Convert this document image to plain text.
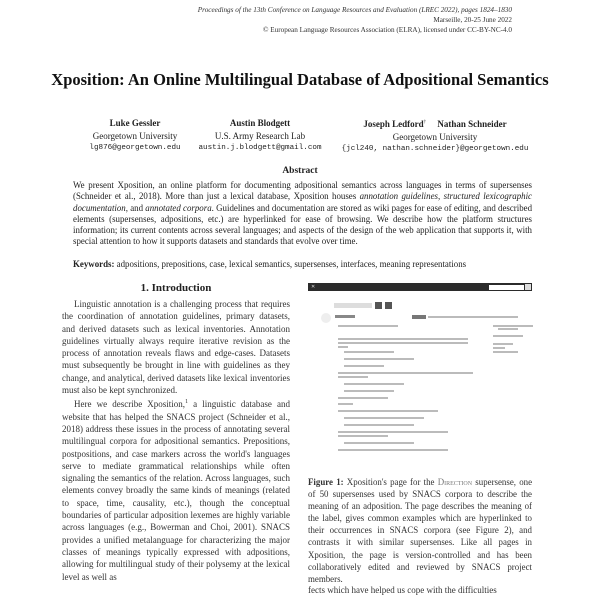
Proceedings of the 13th Conference on Language Resources and Evaluation (LREC 2022), pages 1824–1830
Marseille, 20-25 June 2022
© European Language Resources Association (ELRA), licensed under CC-BY-NC-4.0
Xposition: An Online Multilingual Database of Adpositional Semantics
Luke Gessler
Georgetown University
lg876@georgetown.edu
Austin Blodgett
U.S. Army Research Lab
austin.j.blodgett@gmail.com
Joseph Ledford† Nathan Schneider
Georgetown University
{jcl240, nathan.schneider}@georgetown.edu
Abstract
We present Xposition, an online platform for documenting adpositional semantics across languages in terms of supersenses (Schneider et al., 2018). More than just a lexical database, Xposition houses annotation guidelines, structured lexicographic documentation, and annotated corpora. Guidelines and documentation are stored as wiki pages for ease of editing, and described elements (supersenses, adpositions, etc.) are hyperlinked for ease of browsing. We describe how the platform structures information; its current contents across several languages; and aspects of the design of the web application that supports it, with special attention to how it supports datasets and standards that evolve over time.
Keywords: adpositions, prepositions, case, lexical semantics, supersenses, interfaces, meaning representations
1. Introduction

Linguistic annotation is a challenging process that requires the coordination of annotation guidelines, primary datasets, and derived datasets such as lexical inventories. Annotation guidelines virtually always require iterative revision as the process of annotation reveals flaws and edge-cases. Datasets must subsequently be brought in line with guidelines as they change, and analytical, derived datasets like lexical inventories must also be kept synchronized.

Here we describe Xposition,$^1$ a linguistic database and website that has helped the SNACS project (Schneider et al., 2018) address these issues in the process of annotating several multilingual corpora for adpositional semantics. Prepositions, postpositions, and case markers across the world's languages serve to mediate grammatical relationships while often signaling the semantics of the relation. Across languages, such elements convey broadly the same kinds of meanings (related to space, time, causality, etc.), though the conceptual boundaries of particular adposition lexemes are highly variable across languages (e.g., Bowerman and Choi, 2001). SNACS provides a unified metalanguage for characterizing the major classes of meanings typically expressed with adpositions, allowing for multilingual study of their polysemy at the lexical level as well as

✕
Figure 1: Xposition's page for the Direction supersense, one of 50 supersenses used by SNACS corpora to describe the meaning of an adposition. The page describes the meaning of the label, gives common examples which are hyperlinked to their occurrences in SNACS corpora (see Figure 2), and contrasts it with similar supersenses. Like all pages in Xposition, the page is version-controlled and has been collaboratively edited and reviewed by SNACS project members.
fects which have helped us cope with the difficulties
